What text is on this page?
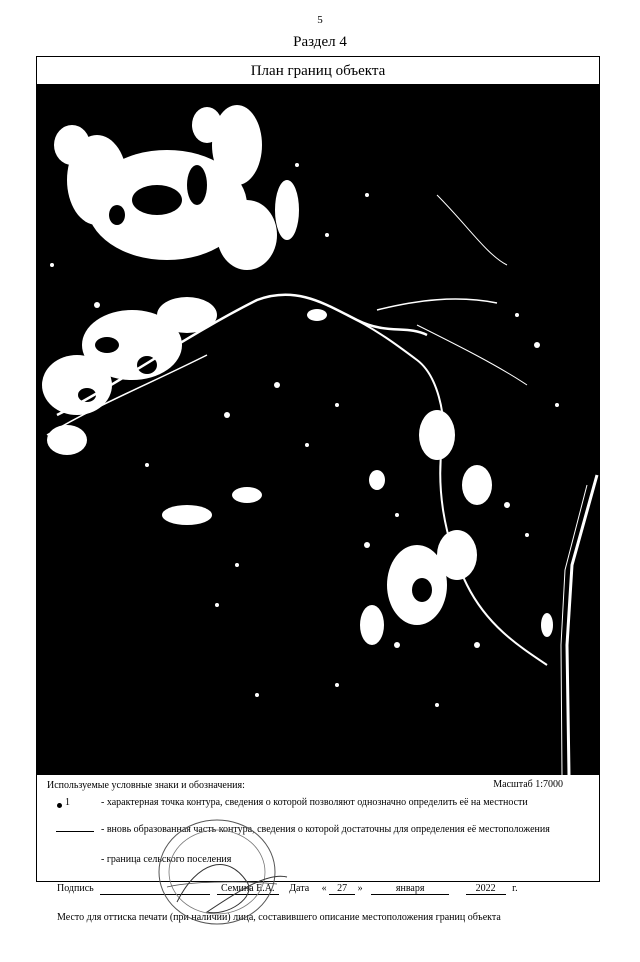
5
Раздел 4
План границ объекта
Используемые условные знаки и обозначения:	Масштаб 1:7000
1	- характерная точка контура, сведения о которой позволяют однозначно определить её на местности
- вновь образованная часть контура, сведения о которой достаточны для определения её местоположения
- граница сельского поселения
Подпись	Семина Е.А. Дата « 27 »	января	2022 г.
Место для оттиска печати (при наличии) лица, составившего описание местоположения границ объекта
